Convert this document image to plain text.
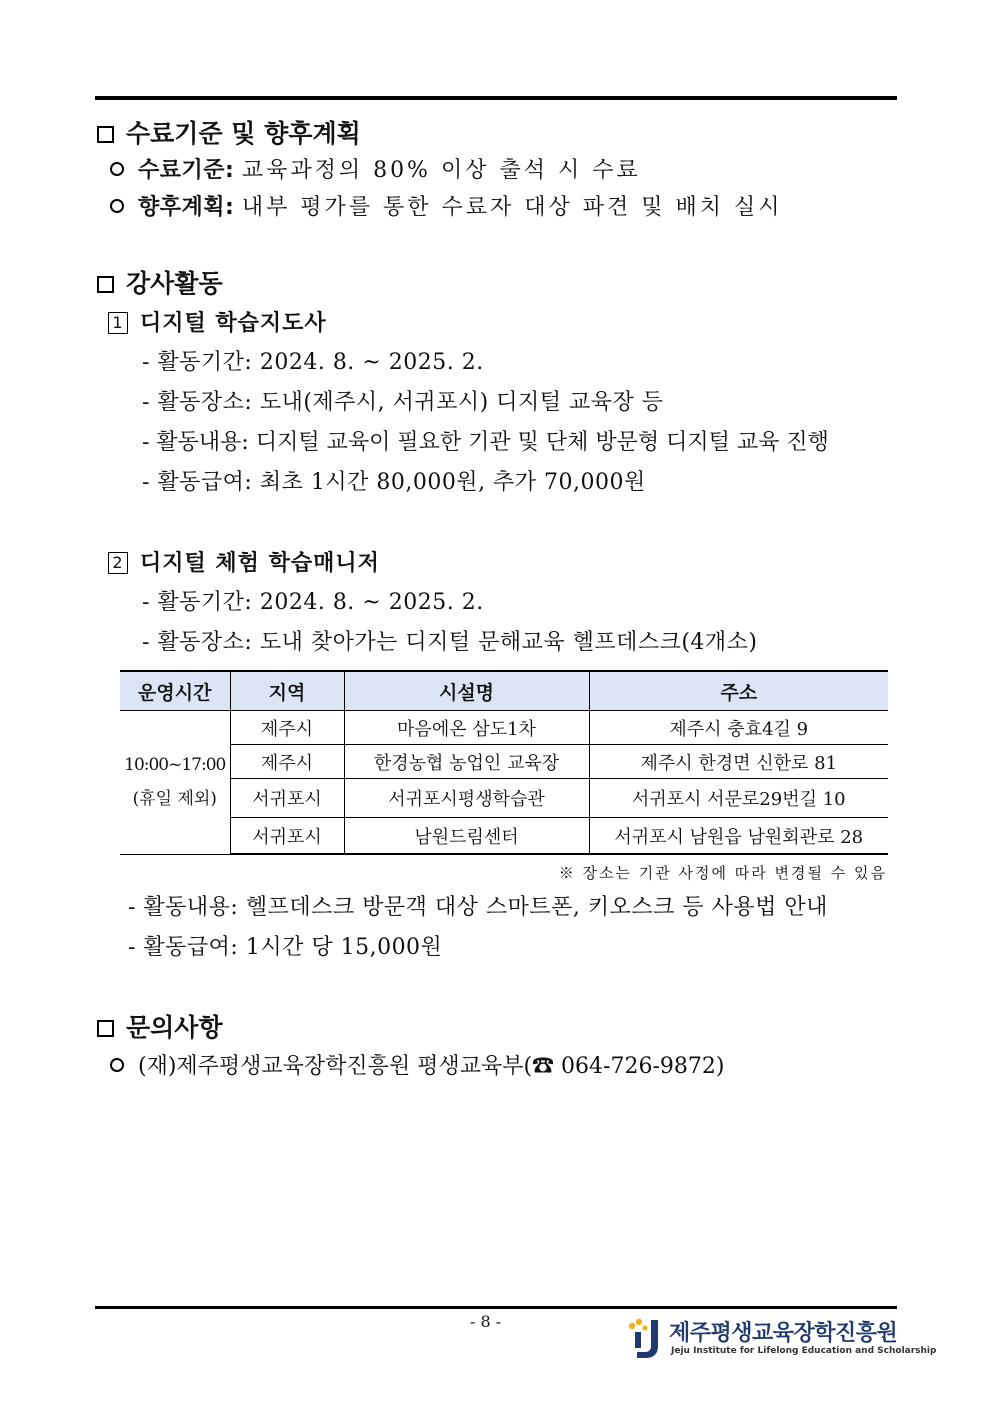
수료기준 및 향후계획
수료기준: 교육과정의 80% 이상 출석 시 수료
향후계획: 내부 평가를 통한 수료자 대상 파견 및 배치 실시
강사활동
1 디지털 학습지도사
- 활동기간: 2024. 8. ~ 2025. 2.
- 활동장소: 도내(제주시, 서귀포시) 디지털 교육장 등
- 활동내용: 디지털 교육이 필요한 기관 및 단체 방문형 디지털 교육 진행
- 활동급여: 최초 1시간 80,000원, 추가 70,000원
2 디지털 체험 학습매니저
- 활동기간: 2024. 8. ~ 2025. 2.
- 활동장소: 도내 찾아가는 디지털 문해교육 헬프데스크(4개소)
운영시간	지역	시설명	주소
10:00~17:00
(휴일 제외)	제주시	마음에온 삼도1차	제주시 충효4길 9
	제주시	한경농협 농업인 교육장	제주시 한경면 신한로 81
	서귀포시	서귀포시평생학습관	서귀포시 서문로29번길 10
	서귀포시	남원드림센터	서귀포시 남원읍 남원회관로 28
※ 장소는 기관 사정에 따라 변경될 수 있음
- 활동내용: 헬프데스크 방문객 대상 스마트폰, 키오스크 등 사용법 안내
- 활동급여: 1시간 당 15,000원
문의사항
(재)제주평생교육장학진흥원 평생교육부(☎ 064-726-9872)
- 8 -	제주평생교육장학진흥원
Jeju Institute for Lifelong Education and Scholarship
